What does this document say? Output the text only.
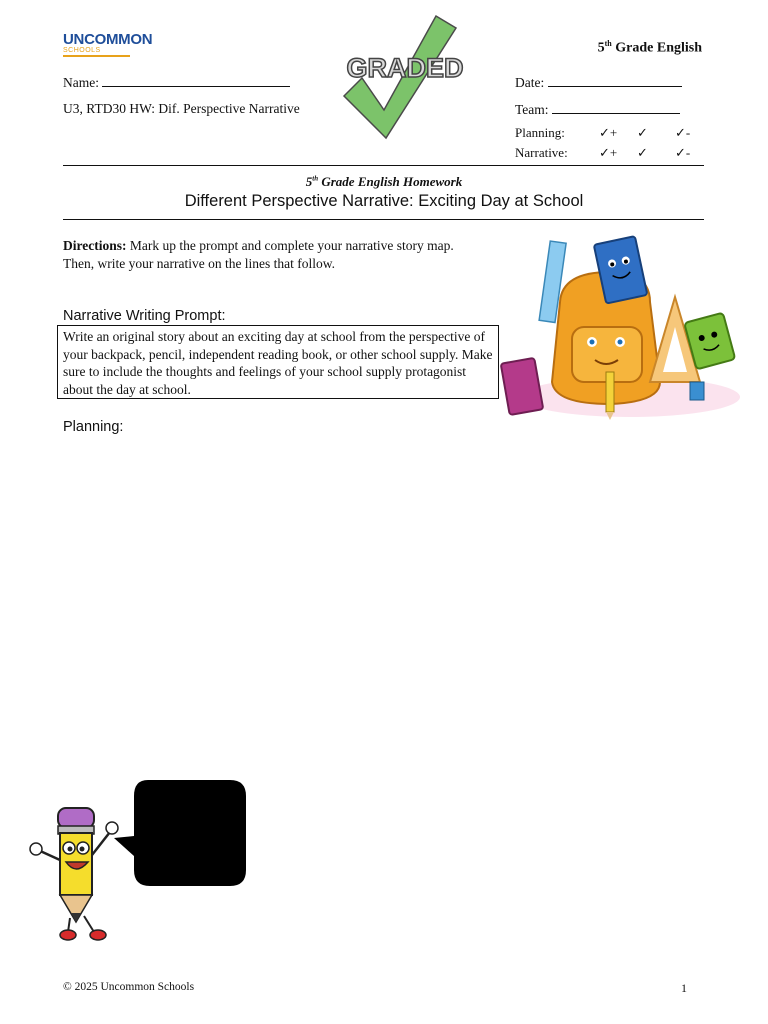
UNCOMMON
SCHOOLS	5th Grade English
Name:
U3, RTD30 HW: Dif. Perspective Narrative
GRADED	Date:
Team:
Planning:	✓+ ✓ ✓-
Narrative: ✓+ ✓ ✓-
5th Grade English Homework
Different Perspective Narrative: Exciting Day at School
Directions: Mark up the prompt and complete your narrative story map. Then, write your narrative on the lines that follow.
Narrative Writing Prompt:
Write an original story about an exciting day at school from the perspective of your backpack, pencil, independent reading book, or other school supply. Make sure to include the thoughts and feelings of your school supply protagonist about the day at school.
Planning:
© 2025 Uncommon Schools	1
